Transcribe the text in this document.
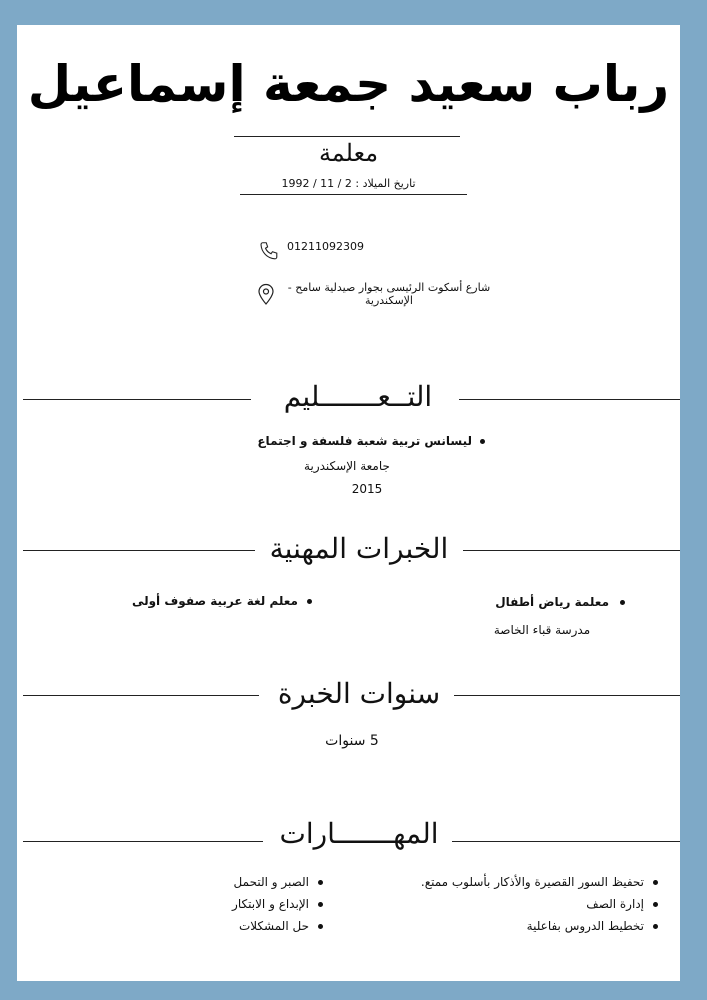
رباب سعيد جمعة إسماعيل
معلمة
تاريخ الميلاد : 2 / 11 / 1992
01211092309
شارع أسكوت الرئيسى بجوار صيدلية سامح -
الإسكندرية
التــعـــــــليم
ليسانس تربية شعبة فلسفة و اجتماع
جامعة الإسكندرية
2015
الخبرات المهنية
معلمة رياض أطفال
مدرسة قباء الخاصة
معلم لغة عربية صفوف أولى
سنوات الخبرة
5 سنوات
المهـــــــارات
تحفيظ السور القصيرة والأذكار بأسلوب ممتع.
إدارة الصف
تخطيط الدروس بفاعلية
الصبر و التحمل
الإبداع و الابتكار
حل المشكلات
